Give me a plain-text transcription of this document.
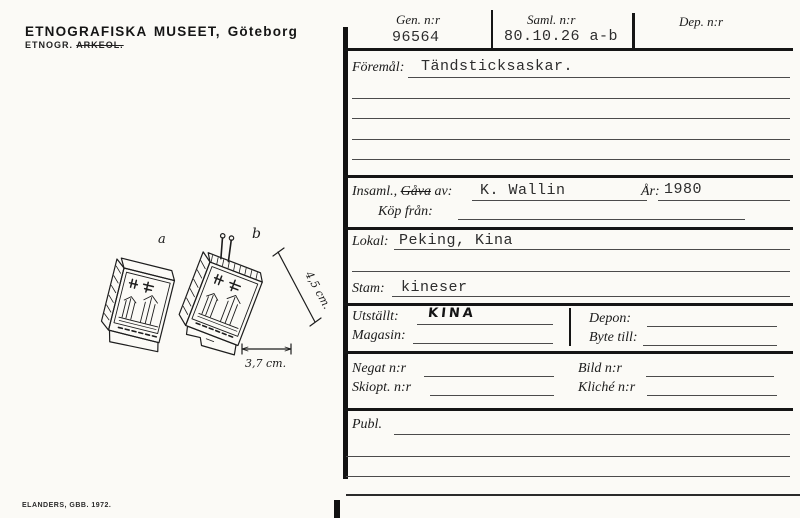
ETNOGRAFISKA MUSEET, Göteborg
ETNOGR. ARKEOL.
ELANDERS, GBB. 1972.
a	b
4,5 cm.
3,7 cm.
Gen. n:r
96564
Saml. n:r
80.10.26 a-b
Dep. n:r
Föremål: Tändsticksaskar.
Insaml., Gåva av: K. Wallin	År: 1980
Köp från:
Lokal: Peking, Kina
Stam: kineser
Utställt: KINA
Magasin:
Depon:
Byte till:
Negat n:r	Bild n:r
Skiopt. n:r	Kliché n:r
Publ.
